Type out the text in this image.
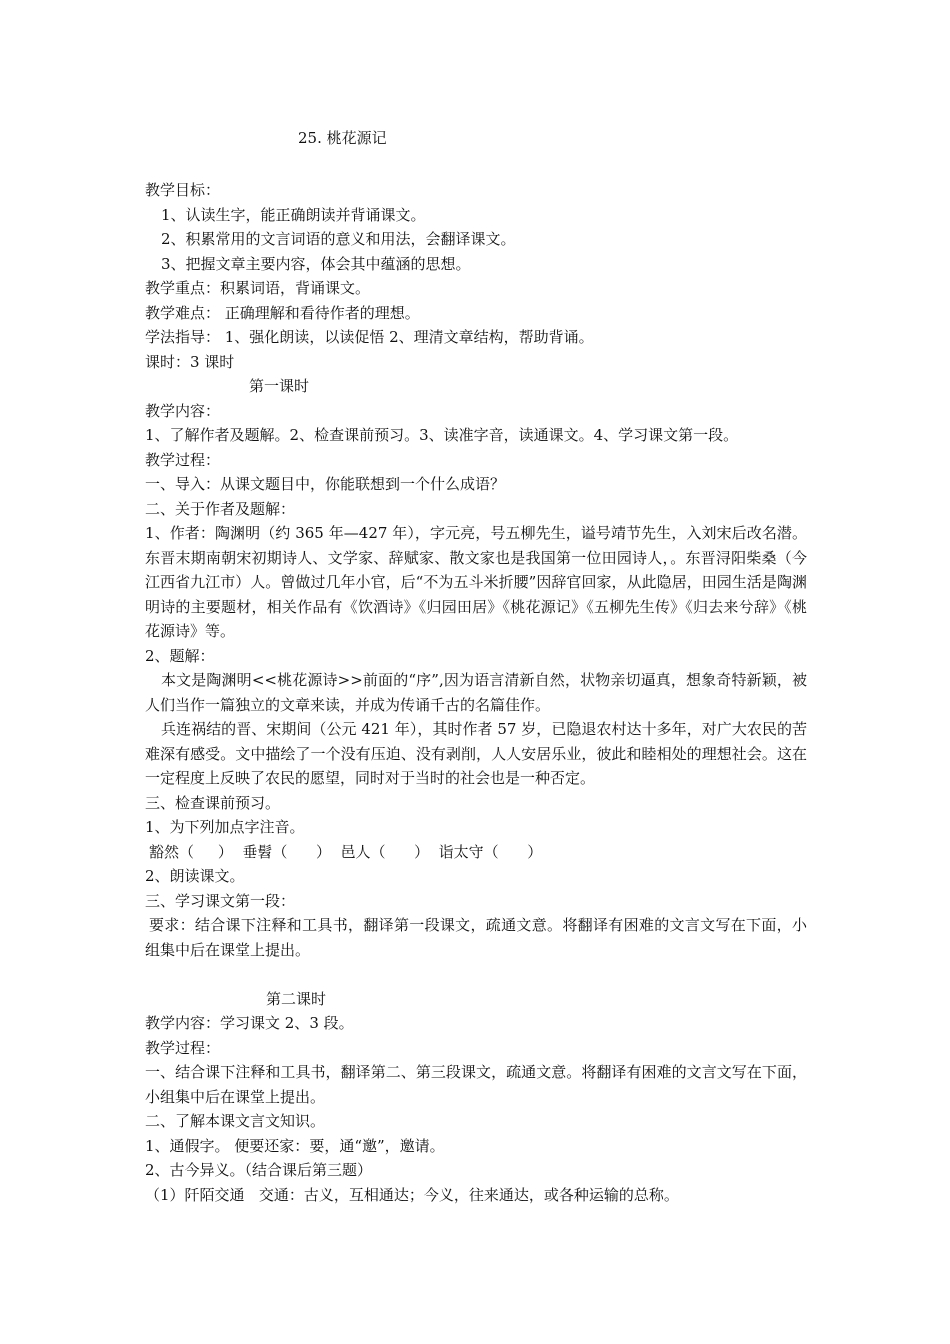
25. 桃花源记

教学目标：

1、认读生字，能正确朗读并背诵课文。

2、积累常用的文言词语的意义和用法，会翻译课文。

3、把握文章主要内容，体会其中蕴涵的思想。

教学重点：积累词语，背诵课文。

教学难点： 正确理解和看待作者的理想。

学法指导： 1、强化朗读，以读促悟 2、理清文章结构，帮助背诵。

课时：3 课时

第一课时

教学内容：

1、了解作者及题解。2、检查课前预习。3、读准字音，读通课文。4、学习课文第一段。

教学过程：

一、导入：从课文题目中，你能联想到一个什么成语？

二、关于作者及题解：

1、作者：陶渊明（约 365 年—427 年），字元亮，号五柳先生，谥号靖节先生，入刘宋后改名潜。东晋末期南朝宋初期诗人、文学家、辞赋家、散文家也是我国第一位田园诗人，。东晋浔阳柴桑（今江西省九江市）人。曾做过几年小官，后“不为五斗米折腰”因辞官回家，从此隐居，田园生活是陶渊明诗的主要题材，相关作品有《饮酒诗》《归园田居》《桃花源记》《五柳先生传》《归去来兮辞》《桃花源诗》等。

2、题解：

本文是陶渊明<<桃花源诗>>前面的“序”,因为语言清新自然，状物亲切逼真，想象奇特新颖，被人们当作一篇独立的文章来读，并成为传诵千古的名篇佳作。

兵连祸结的晋、宋期间（公元 421 年），其时作者 57 岁，已隐退农村达十多年，对广大农民的苦难深有感受。文中描绘了一个没有压迫、没有剥削，人人安居乐业，彼此和睦相处的理想社会。这在一定程度上反映了农民的愿望，同时对于当时的社会也是一种否定。

三、检查课前预习。

1、为下列加点字注音。

豁然（     ）  垂髫（      ）  邑人（      ）  诣太守（      ）

2、朗读课文。

三、学习课文第一段：

要求：结合课下注释和工具书，翻译第一段课文，疏通文意。将翻译有困难的文言文写在下面，小组集中后在课堂上提出。

第二课时

教学内容：学习课文 2、3 段。

教学过程：

一、结合课下注释和工具书，翻译第二、第三段课文，疏通文意。将翻译有困难的文言文写在下面，小组集中后在课堂上提出。

二、了解本课文言文知识。

1、通假字。 便要还家：要，通“邀”，邀请。

2、古今异义。（结合课后第三题）

（1）阡陌交通   交通：古义，互相通达；今义，往来通达，或各种运输的总称。
